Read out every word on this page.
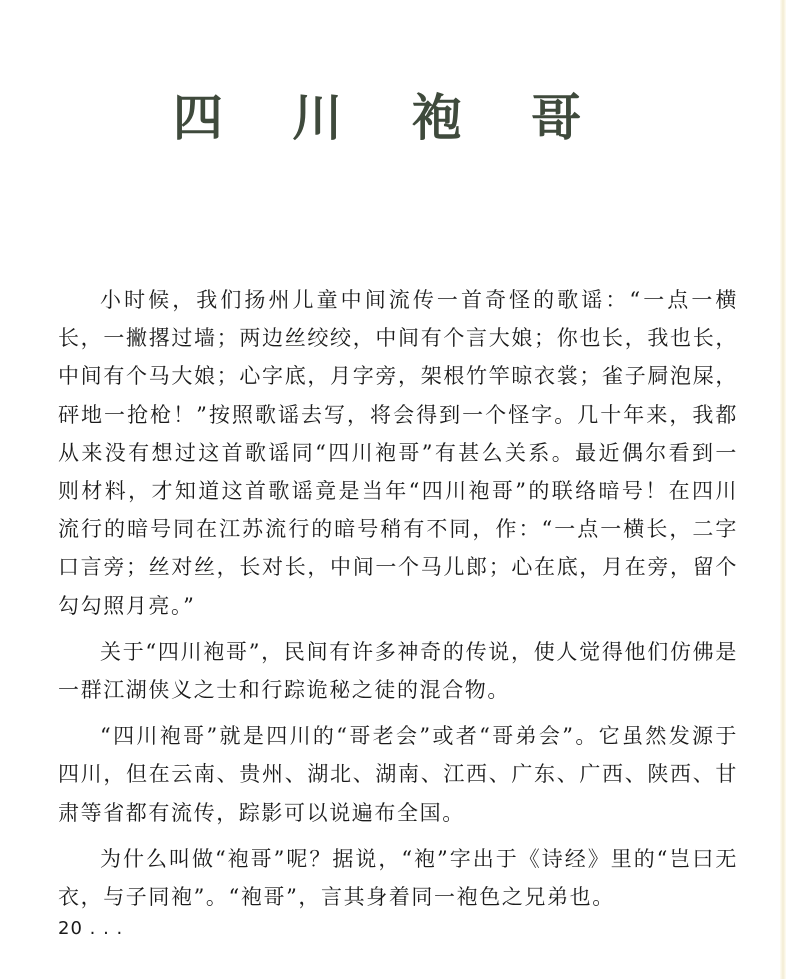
四 川 袍 哥

小时候，我们扬州儿童中间流传一首奇怪的歌谣：“一点一横长，一撇撂过墙；两边丝绞绞，中间有个言大娘；你也长，我也长，中间有个马大娘；心字底，月字旁，架根竹竿晾衣裳；雀子屙泡屎，砰地一抢枪！”按照歌谣去写，将会得到一个怪字。几十年来，我都从来没有想过这首歌谣同“四川袍哥”有甚么关系。最近偶尔看到一则材料，才知道这首歌谣竟是当年“四川袍哥”的联络暗号！在四川流行的暗号同在江苏流行的暗号稍有不同，作：“一点一横长，二字口言旁；丝对丝，长对长，中间一个马儿郎；心在底，月在旁，留个勾勾照月亮。”

关于“四川袍哥”，民间有许多神奇的传说，使人觉得他们仿佛是一群江湖侠义之士和行踪诡秘之徒的混合物。

“四川袍哥”就是四川的“哥老会”或者“哥弟会”。它虽然发源于四川，但在云南、贵州、湖北、湖南、江西、广东、广西、陕西、甘肃等省都有流传，踪影可以说遍布全国。

为什么叫做“袍哥”呢？据说，“袍”字出于《诗经》里的“岂曰无衣，与子同袍”。“袍哥”，言其身着同一袍色之兄弟也。

20 . . .
